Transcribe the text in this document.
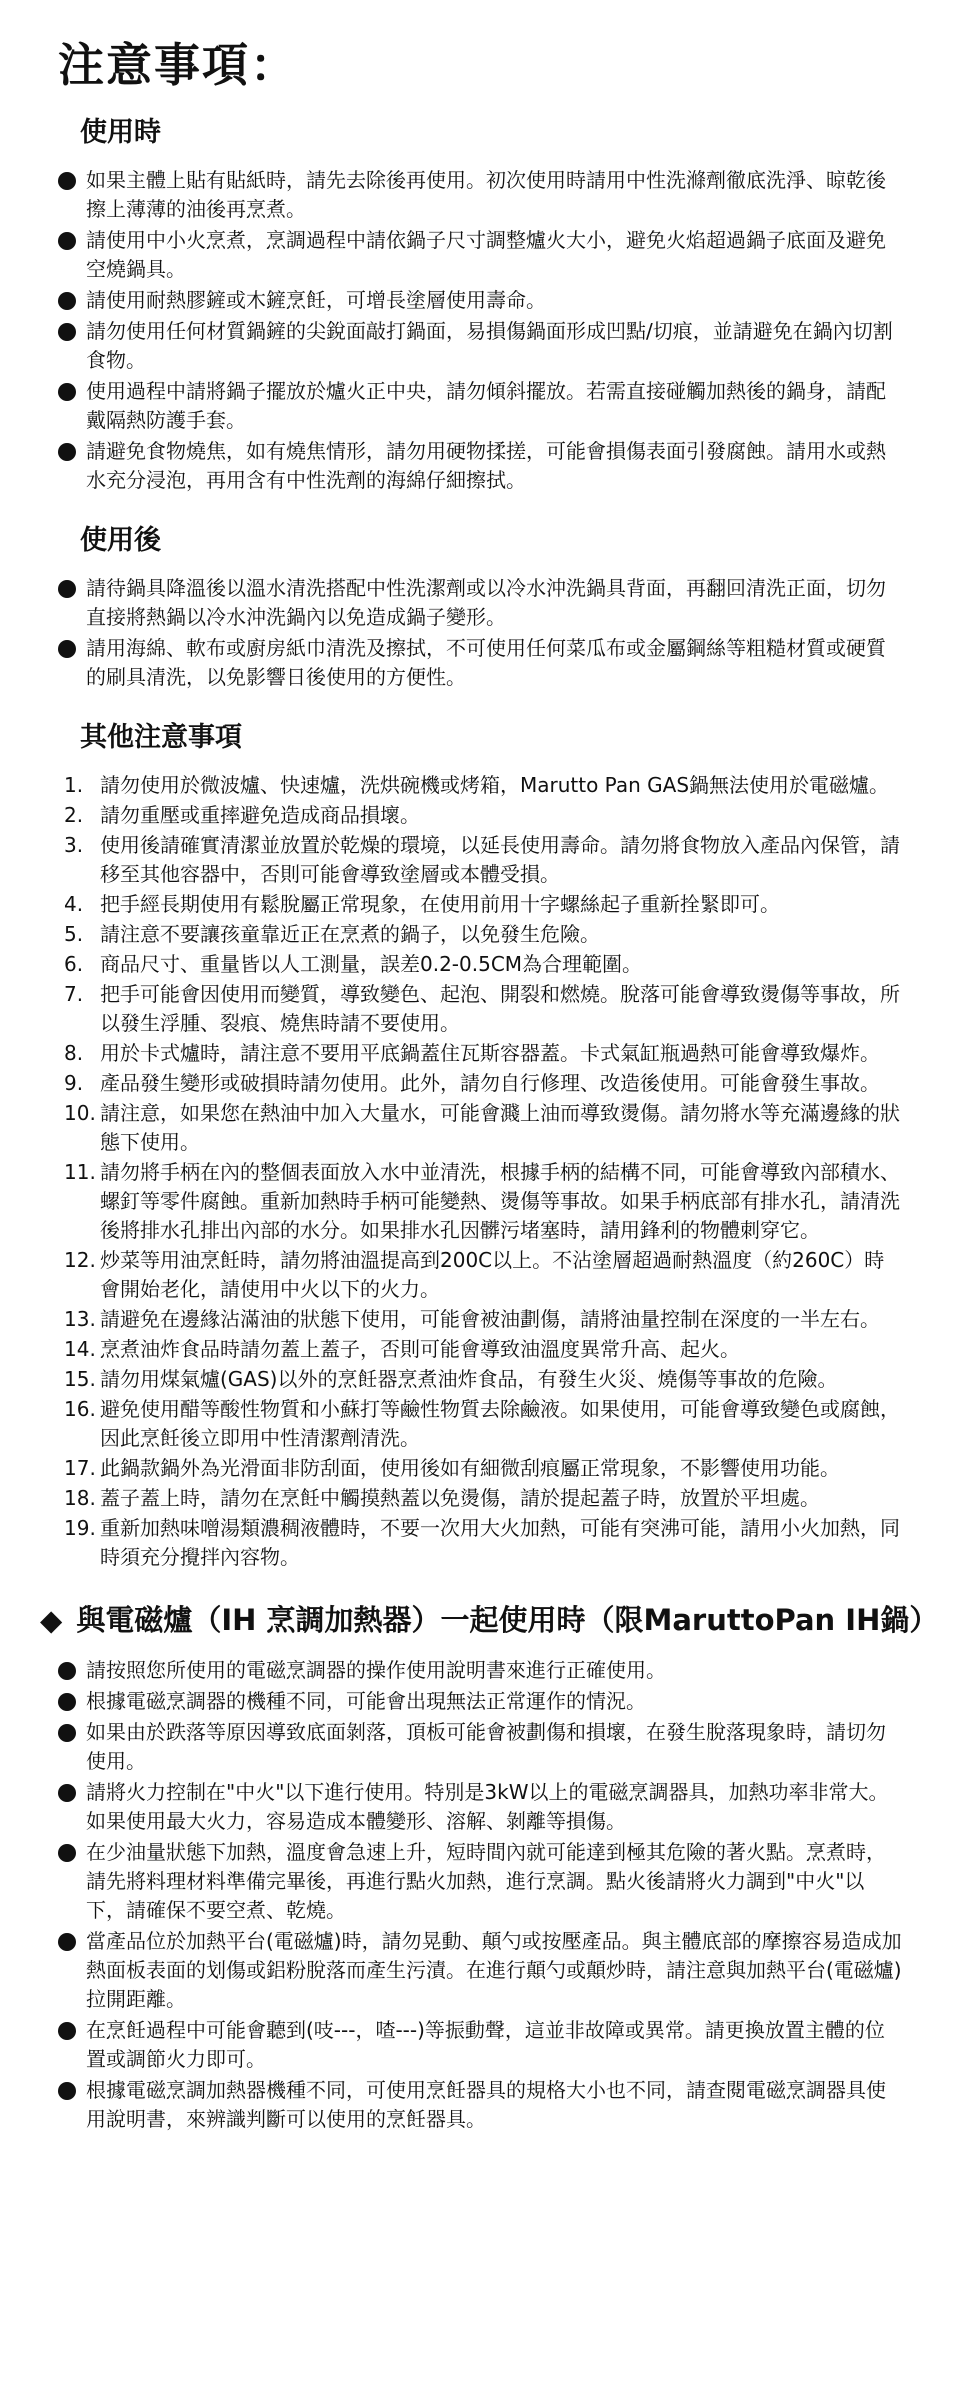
注意事項：
使用時
如果主體上貼有貼紙時，請先去除後再使用。初次使用時請用中性洗滌劑徹底洗淨、晾乾後擦上薄薄的油後再烹煮。
請使用中小火烹煮，烹調過程中請依鍋子尺寸調整爐火大小，避免火焰超過鍋子底面及避免空燒鍋具。
請使用耐熱膠鏟或木鏟烹飪，可增長塗層使用壽命。
請勿使用任何材質鍋鏟的尖銳面敲打鍋面，易損傷鍋面形成凹點/切痕，並請避免在鍋內切割食物。
使用過程中請將鍋子擺放於爐火正中央，請勿傾斜擺放。若需直接碰觸加熱後的鍋身，請配戴隔熱防護手套。
請避免食物燒焦，如有燒焦情形，請勿用硬物揉搓，可能會損傷表面引發腐蝕。請用水或熱水充分浸泡，再用含有中性洗劑的海綿仔細擦拭。
使用後
請待鍋具降溫後以溫水清洗搭配中性洗潔劑或以冷水沖洗鍋具背面，再翻回清洗正面，切勿直接將熱鍋以冷水沖洗鍋內以免造成鍋子變形。
請用海綿、軟布或廚房紙巾清洗及擦拭，不可使用任何菜瓜布或金屬鋼絲等粗糙材質或硬質的刷具清洗，以免影響日後使用的方便性。
其他注意事項
1. 請勿使用於微波爐、快速爐，洗烘碗機或烤箱，Marutto Pan GAS鍋無法使用於電磁爐。
2. 請勿重壓或重摔避免造成商品損壞。
3. 使用後請確實清潔並放置於乾燥的環境，以延長使用壽命。請勿將食物放入產品內保管，請移至其他容器中，否則可能會導致塗層或本體受損。
4. 把手經長期使用有鬆脫屬正常現象，在使用前用十字螺絲起子重新拴緊即可。
5. 請注意不要讓孩童靠近正在烹煮的鍋子，以免發生危險。
6. 商品尺寸、重量皆以人工測量，誤差0.2-0.5CM為合理範圍。
7. 把手可能會因使用而變質，導致變色、起泡、開裂和燃燒。脫落可能會導致燙傷等事故，所以發生浮腫、裂痕、燒焦時請不要使用。
8. 用於卡式爐時，請注意不要用平底鍋蓋住瓦斯容器蓋。卡式氣缸瓶過熱可能會導致爆炸。
9. 產品發生變形或破損時請勿使用。此外，請勿自行修理、改造後使用。可能會發生事故。
10. 請注意，如果您在熱油中加入大量水，可能會濺上油而導致燙傷。請勿將水等充滿邊緣的狀態下使用。
11. 請勿將手柄在內的整個表面放入水中並清洗，根據手柄的結構不同，可能會導致內部積水、螺釘等零件腐蝕。重新加熱時手柄可能變熱、燙傷等事故。如果手柄底部有排水孔，請清洗後將排水孔排出內部的水分。如果排水孔因髒污堵塞時，請用鋒利的物體刺穿它。
12. 炒菜等用油烹飪時，請勿將油溫提高到200C以上。不沾塗層超過耐熱溫度（約260C）時會開始老化，請使用中火以下的火力。
13. 請避免在邊緣沾滿油的狀態下使用，可能會被油劃傷，請將油量控制在深度的一半左右。
14. 烹煮油炸食品時請勿蓋上蓋子，否則可能會導致油溫度異常升高、起火。
15. 請勿用煤氣爐(GAS)以外的烹飪器烹煮油炸食品，有發生火災、燒傷等事故的危險。
16. 避免使用醋等酸性物質和小蘇打等鹼性物質去除鹼液。如果使用，可能會導致變色或腐蝕，因此烹飪後立即用中性清潔劑清洗。
17. 此鍋款鍋外為光滑面非防刮面，使用後如有細微刮痕屬正常現象，不影響使用功能。
18. 蓋子蓋上時，請勿在烹飪中觸摸熱蓋以免燙傷，請於提起蓋子時，放置於平坦處。
19. 重新加熱味噌湯類濃稠液體時，不要一次用大火加熱，可能有突沸可能，請用小火加熱，同時須充分攪拌內容物。
◆ 與電磁爐（IH 烹調加熱器）一起使用時（限MaruttoPan IH鍋）
請按照您所使用的電磁烹調器的操作使用說明書來進行正確使用。
根據電磁烹調器的機種不同，可能會出現無法正常運作的情況。
如果由於跌落等原因導致底面剝落，頂板可能會被劃傷和損壞，在發生脫落現象時，請切勿使用。
請將火力控制在"中火"以下進行使用。特別是3kW以上的電磁烹調器具，加熱功率非常大。如果使用最大火力，容易造成本體變形、溶解、剝離等損傷。
在少油量狀態下加熱，溫度會急速上升，短時間內就可能達到極其危險的著火點。烹煮時，請先將料理材料準備完畢後，再進行點火加熱，進行烹調。點火後請將火力調到"中火"以下，請確保不要空煮、乾燒。
當產品位於加熱平台(電磁爐)時，請勿晃動、顛勺或按壓產品。與主體底部的摩擦容易造成加熱面板表面的划傷或鋁粉脫落而產生污漬。在進行顛勺或顛炒時，請注意與加熱平台(電磁爐)拉開距離。
在烹飪過程中可能會聽到(吱---，喳---)等振動聲，這並非故障或異常。請更換放置主體的位置或調節火力即可。
根據電磁烹調加熱器機種不同，可使用烹飪器具的規格大小也不同，請查閱電磁烹調器具使用說明書，來辨識判斷可以使用的烹飪器具。
